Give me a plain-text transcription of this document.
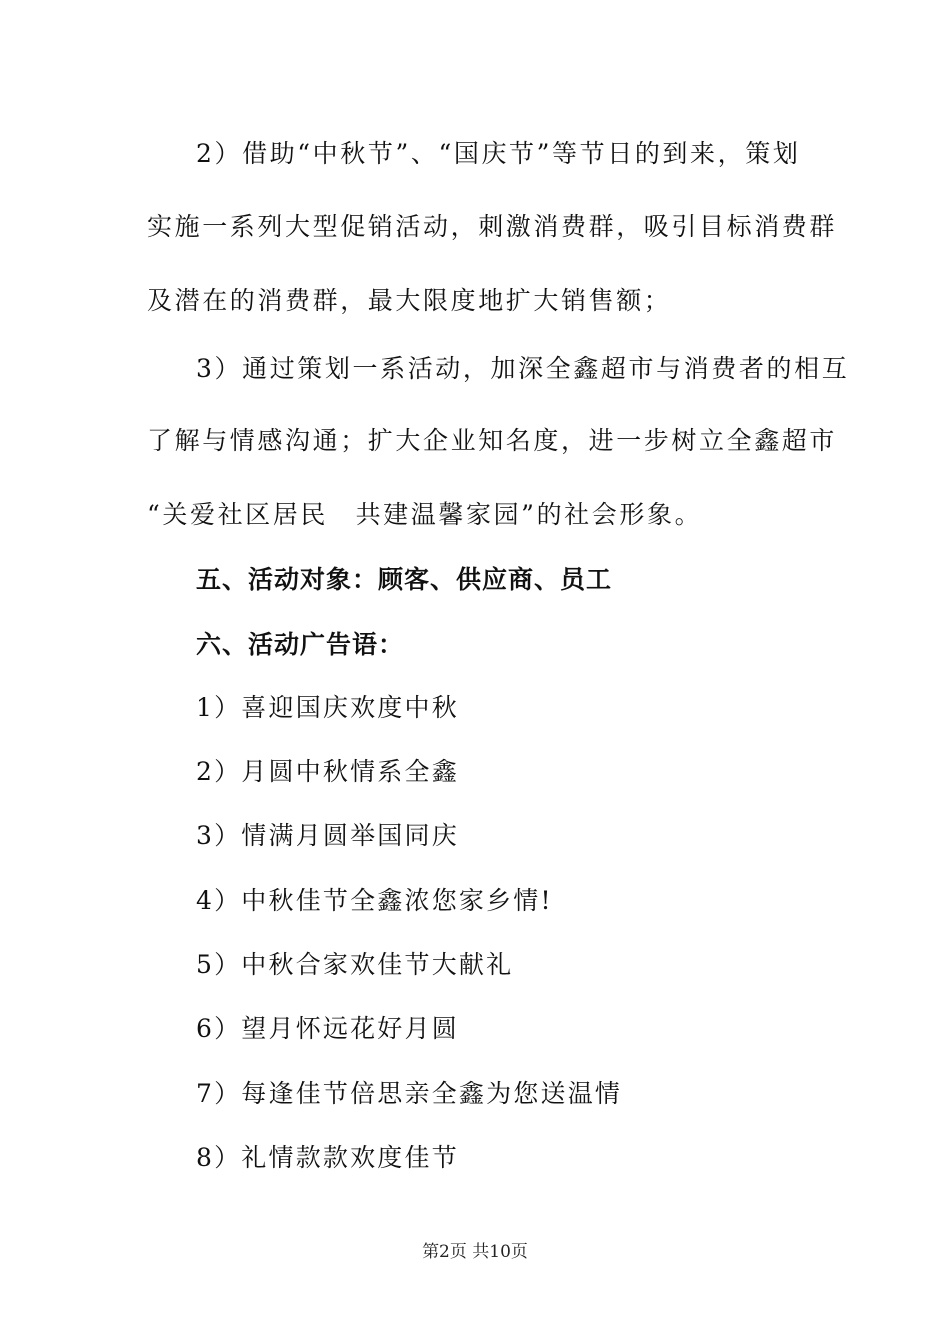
2）借助“中秋节”、“国庆节”等节日的到来，策划
实施一系列大型促销活动，刺激消费群，吸引目标消费群
及潜在的消费群，最大限度地扩大销售额；
3）通过策划一系活动，加深全鑫超市与消费者的相互
了解与情感沟通；扩大企业知名度，进一步树立全鑫超市
“关爱社区居民　共建温馨家园”的社会形象。
五、活动对象：顾客、供应商、员工
六、活动广告语：
1）喜迎国庆欢度中秋
2）月圆中秋情系全鑫
3）情满月圆举国同庆
4）中秋佳节全鑫浓您家乡情!
5）中秋合家欢佳节大献礼
6）望月怀远花好月圆
7）每逢佳节倍思亲全鑫为您送温情
8）礼情款款欢度佳节
第2页 共10页
